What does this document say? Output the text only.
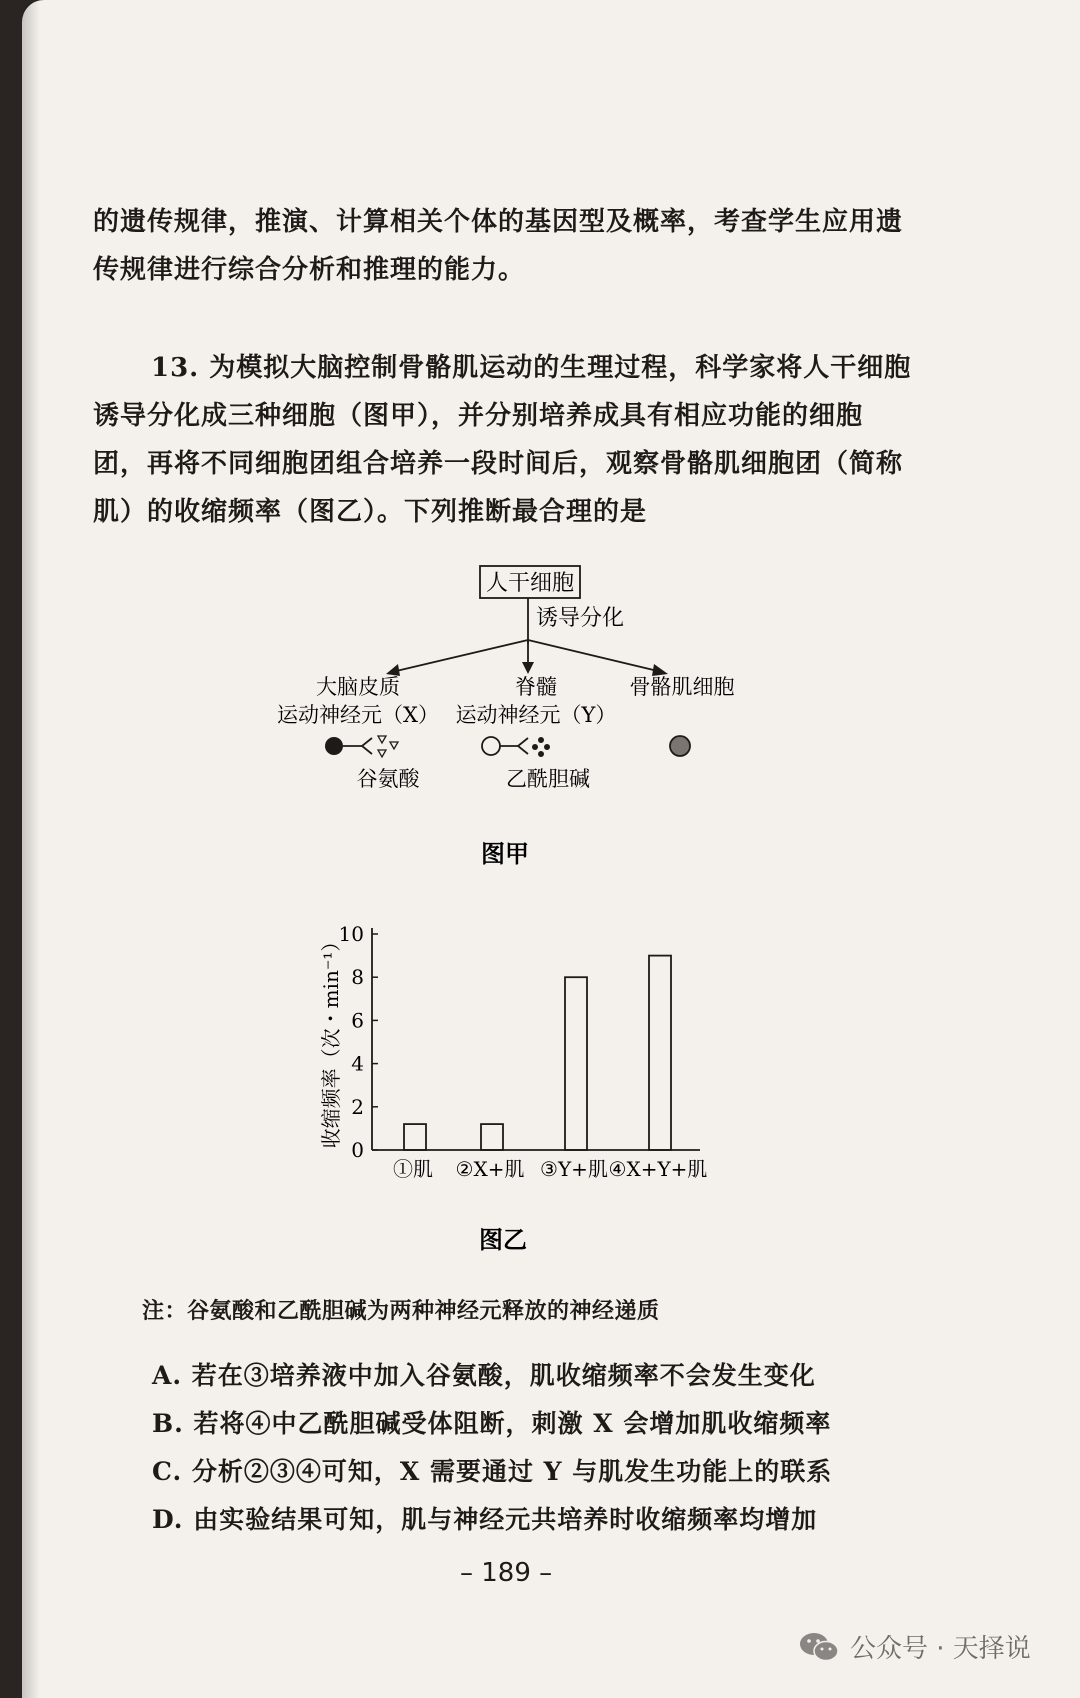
的遗传规律，推演、计算相关个体的基因型及概率，考查学生应用遗传规律进行综合分析和推理的能力。
13. 为模拟大脑控制骨骼肌运动的生理过程，科学家将人干细胞诱导分化成三种细胞（图甲），并分别培养成具有相应功能的细胞团，再将不同细胞团组合培养一段时间后，观察骨骼肌细胞团（简称肌）的收缩频率（图乙）。下列推断最合理的是
人干细胞
诱导分化
大脑皮质
运动神经元（X）
脊髓
运动神经元（Y）
骨骼肌细胞
谷氨酸	乙酰胆碱
图甲
0
2
4
6
8
10
①肌 ②X+肌 ③Y+肌 ④X+Y+肌
收缩频率（次・min⁻¹）
图乙
注：谷氨酸和乙酰胆碱为两种神经元释放的神经递质
A. 若在③培养液中加入谷氨酸，肌收缩频率不会发生变化
B. 若将④中乙酰胆碱受体阻断，刺激 X 会增加肌收缩频率
C. 分析②③④可知，X 需要通过 Y 与肌发生功能上的联系
D. 由实验结果可知，肌与神经元共培养时收缩频率均增加
– 189 –
公众号 · 天择说
